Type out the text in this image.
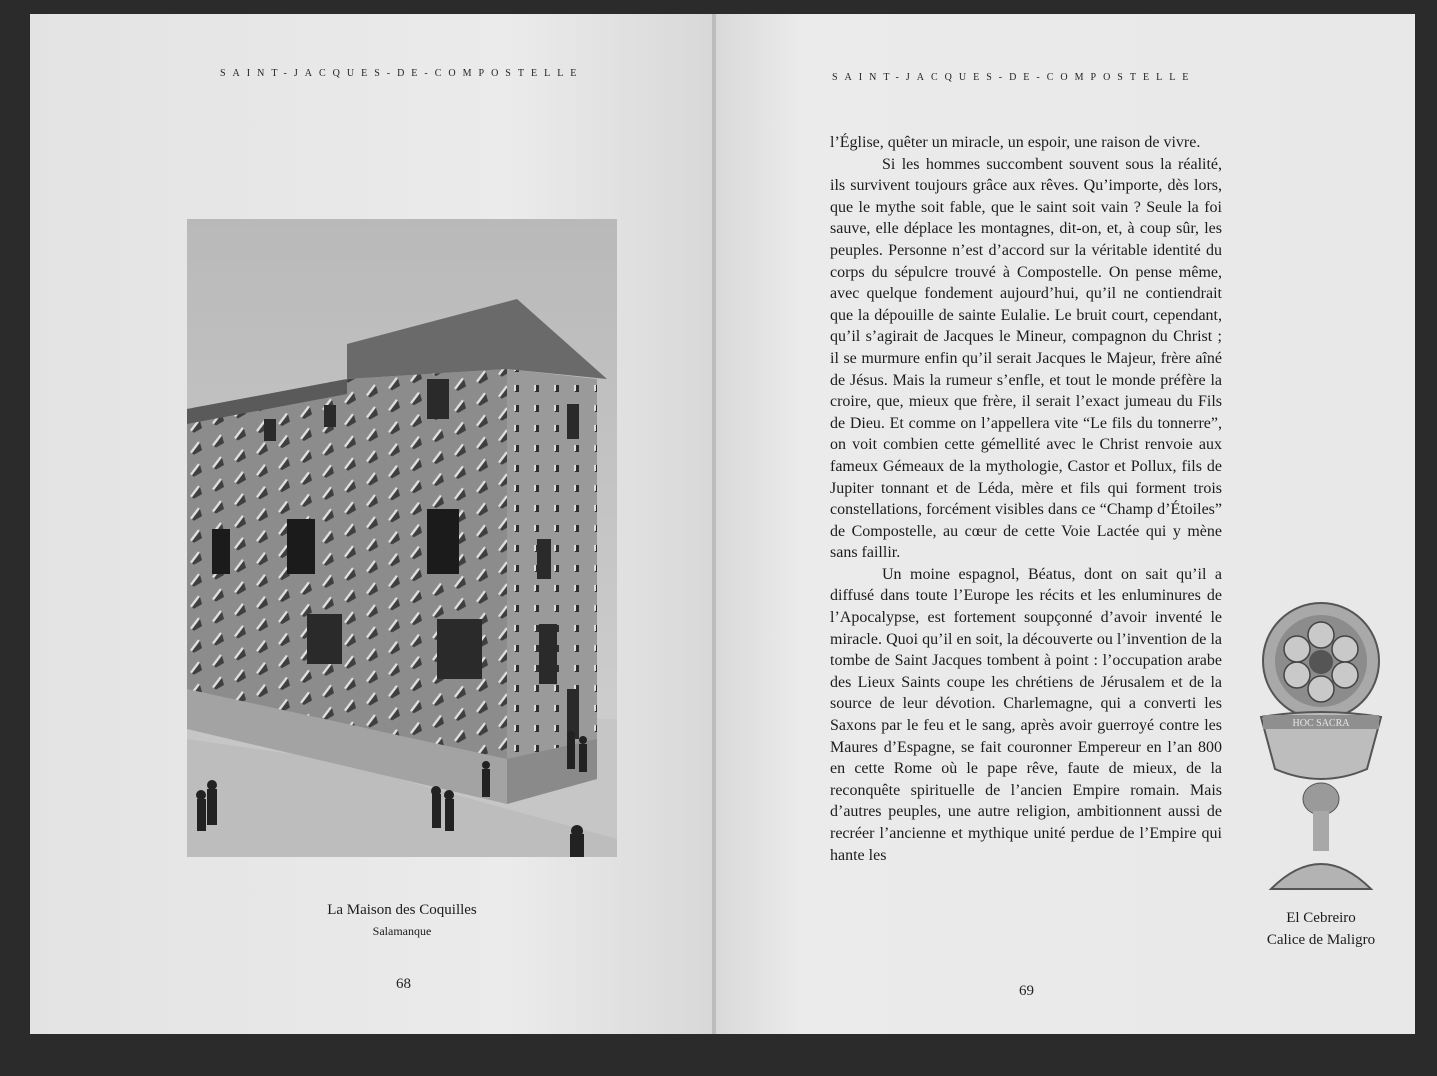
SAINT-JACQUES-DE-COMPOSTELLE
La Maison des Coquilles
Salamanque
68
SAINT-JACQUES-DE-COMPOSTELLE

l’Église, quêter un miracle, un espoir, une raison de vivre.

Si les hommes succombent souvent sous la réalité, ils survivent toujours grâce aux rêves. Qu’importe, dès lors, que le mythe soit fable, que le saint soit vain ? Seule la foi sauve, elle déplace les montagnes, dit-on, et, à coup sûr, les peuples. Personne n’est d’accord sur la véritable identité du corps du sépulcre trouvé à Compostelle. On pense même, avec quelque fondement aujourd’hui, qu’il ne contiendrait que la dépouille de sainte Eulalie. Le bruit court, cependant, qu’il s’agirait de Jacques le Mineur, compagnon du Christ ; il se murmure enfin qu’il serait Jacques le Majeur, frère aîné de Jésus. Mais la rumeur s’enfle, et tout le monde préfère la croire, que, mieux que frère, il serait l’exact jumeau du Fils de Dieu. Et comme on l’appellera vite “Le fils du tonnerre”, on voit combien cette gémellité avec le Christ renvoie aux fameux Gémeaux de la mythologie, Castor et Pollux, fils de Jupiter tonnant et de Léda, mère et fils qui forment trois constellations, forcément visibles dans ce “Champ d’Étoiles” de Compostelle, au cœur de cette Voie Lactée qui y mène sans faillir.

Un moine espagnol, Béatus, dont on sait qu’il a diffusé dans toute l’Europe les récits et les enluminures de l’Apocalypse, est fortement soupçonné d’avoir inventé le miracle. Quoi qu’il en soit, la découverte ou l’invention de la tombe de Saint Jacques tombent à point : l’occupation arabe des Lieux Saints coupe les chrétiens de Jérusalem et de la source de leur dévotion. Charlemagne, qui a converti les Saxons par le feu et le sang, après avoir guerroyé contre les Maures d’Espagne, se fait couronner Empereur en l’an 800 en cette Rome où le pape rêve, faute de mieux, de la reconquête spirituelle de l’ancien Empire romain. Mais d’autres peuples, une autre religion, ambitionnent aussi de recréer l’ancienne et mythique unité perdue de l’Empire qui hante les

HOC SACRA
El Cebreiro
Calice de Maligro
69
